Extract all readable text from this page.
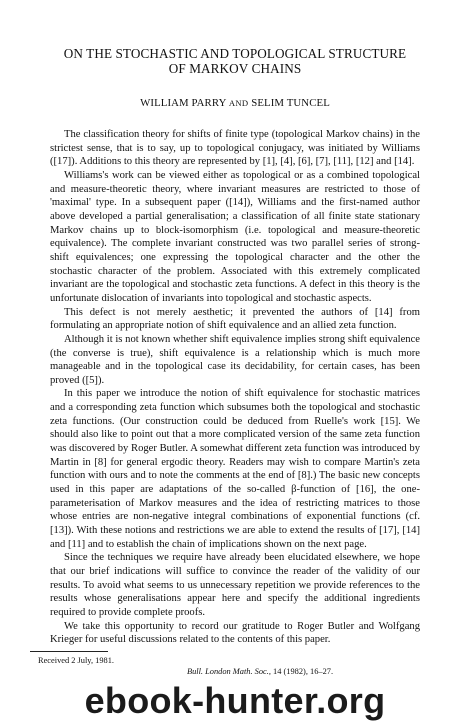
ON THE STOCHASTIC AND TOPOLOGICAL STRUCTURE
OF MARKOV CHAINS
WILLIAM PARRY AND SELIM TUNCEL

The classification theory for shifts of finite type (topological Markov chains) in the strictest sense, that is to say, up to topological conjugacy, was initiated by Williams ([17]). Additions to this theory are represented by [1], [4], [6], [7], [11], [12] and [14].

Williams's work can be viewed either as topological or as a combined topological and measure-theoretic theory, where invariant measures are restricted to those of 'maximal' type. In a subsequent paper ([14]), Williams and the first-named author above developed a partial generalisation; a classification of all finite state stationary Markov chains up to block-isomorphism (i.e. topological and measure-theoretic equivalence). The complete invariant constructed was two parallel series of strong-shift equivalences; one expressing the topological character and the other the stochastic character of the problem. Associated with this extremely complicated invariant are the topological and stochastic zeta functions. A defect in this theory is the unfortunate dislocation of invariants into topological and stochastic aspects.

This defect is not merely aesthetic; it prevented the authors of [14] from formulating an appropriate notion of shift equivalence and an allied zeta function.

Although it is not known whether shift equivalence implies strong shift equivalence (the converse is true), shift equivalence is a relationship which is much more manageable and in the topological case its decidability, for certain cases, has been proved ([5]).

In this paper we introduce the notion of shift equivalence for stochastic matrices and a corresponding zeta function which subsumes both the topological and stochastic zeta functions. (Our construction could be deduced from Ruelle's work [15]. We should also like to point out that a more complicated version of the same zeta function was discovered by Roger Butler. A somewhat different zeta function was introduced by Martin in [8] for general ergodic theory. Readers may wish to compare Martin's zeta function with ours and to note the comments at the end of [8].) The basic new concepts used in this paper are adaptations of the so-called β-function of [16], the one-parameterisation of Markov measures and the idea of restricting matrices to those whose entries are non-negative integral combinations of exponential functions (cf. [13]). With these notions and restrictions we are able to extend the results of [17], [14] and [11] and to establish the chain of implications shown on the next page.

Since the techniques we require have already been elucidated elsewhere, we hope that our brief indications will suffice to convince the reader of the validity of our results. To avoid what seems to us unnecessary repetition we provide references to the results whose generalisations appear here and specify the additional ingredients required to provide complete proofs.

We take this opportunity to record our gratitude to Roger Butler and Wolfgang Krieger for useful discussions related to the contents of this paper.

Received 2 July, 1981.
Bull. London Math. Soc., 14 (1982), 16–27.
ebook-hunter.org
